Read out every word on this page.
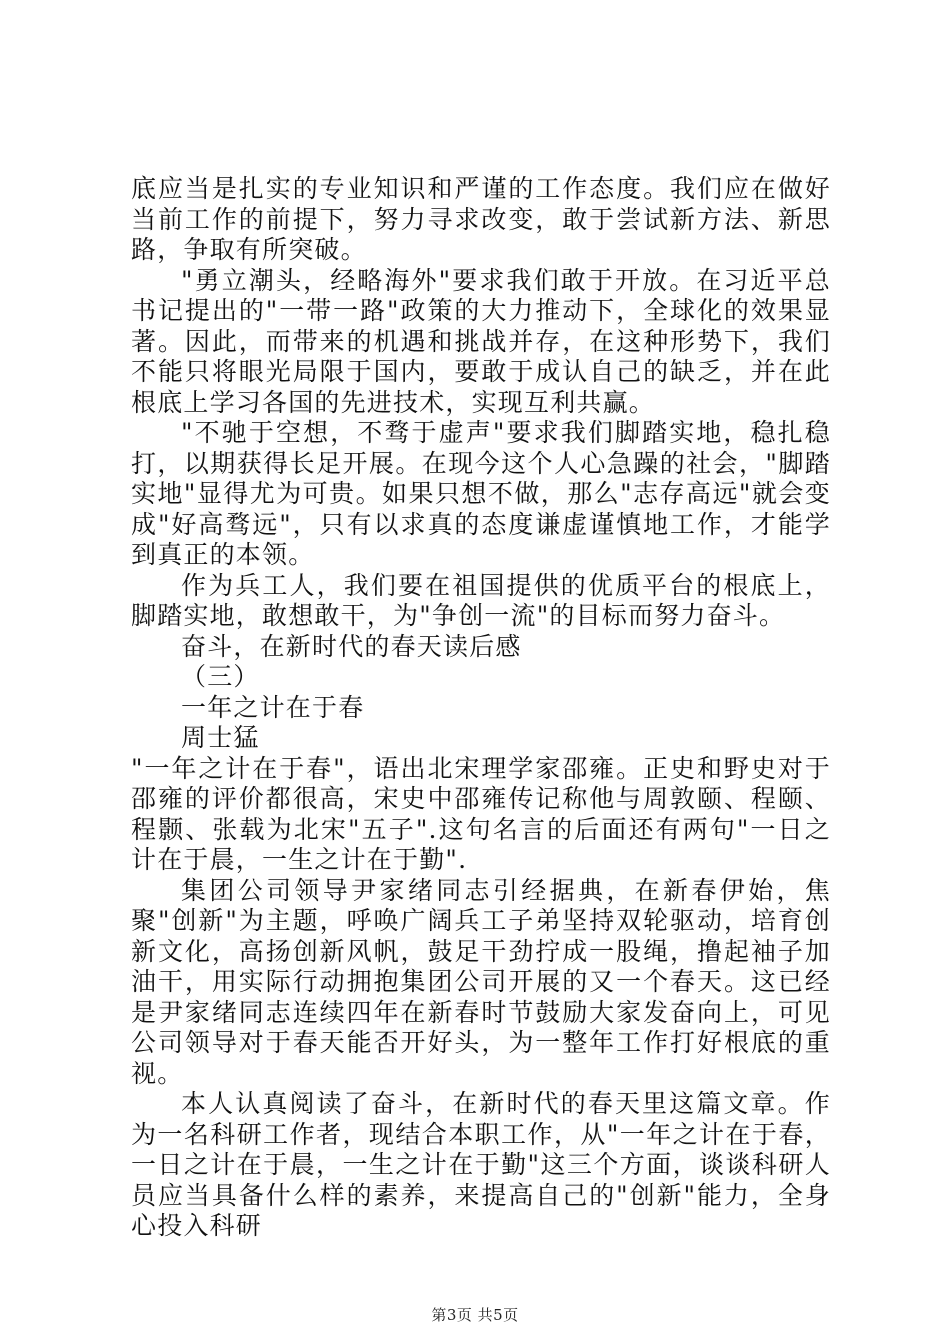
底应当是扎实的专业知识和严谨的工作态度。我们应在做好当前工作的前提下，努力寻求改变，敢于尝试新方法、新思路，争取有所突破。

"勇立潮头，经略海外"要求我们敢于开放。在习近平总书记提出的"一带一路"政策的大力推动下，全球化的效果显著。因此，而带来的机遇和挑战并存，在这种形势下，我们不能只将眼光局限于国内，要敢于成认自己的缺乏，并在此根底上学习各国的先进技术，实现互利共赢。

"不驰于空想，不骛于虚声"要求我们脚踏实地，稳扎稳打，以期获得长足开展。在现今这个人心急躁的社会，"脚踏实地"显得尤为可贵。如果只想不做，那么"志存高远"就会变成"好高骛远"，只有以求真的态度谦虚谨慎地工作，才能学到真正的本领。

作为兵工人，我们要在祖国提供的优质平台的根底上，脚踏实地，敢想敢干，为"争创一流"的目标而努力奋斗。

奋斗，在新时代的春天读后感

（三）

一年之计在于春

周士猛

"一年之计在于春"，语出北宋理学家邵雍。正史和野史对于邵雍的评价都很高，宋史中邵雍传记称他与周敦颐、程颐、程颢、张载为北宋"五子".这句名言的后面还有两句"一日之计在于晨，一生之计在于勤".

集团公司领导尹家绪同志引经据典，在新春伊始，焦聚"创新"为主题，呼唤广阔兵工子弟坚持双轮驱动，培育创新文化，高扬创新风帆，鼓足干劲拧成一股绳，撸起袖子加油干，用实际行动拥抱集团公司开展的又一个春天。这已经是尹家绪同志连续四年在新春时节鼓励大家发奋向上，可见公司领导对于春天能否开好头，为一整年工作打好根底的重视。

本人认真阅读了奋斗，在新时代的春天里这篇文章。作为一名科研工作者，现结合本职工作，从"一年之计在于春，一日之计在于晨，一生之计在于勤"这三个方面，谈谈科研人员应当具备什么样的素养，来提高自己的"创新"能力，全身心投入科研

第3页 共5页
